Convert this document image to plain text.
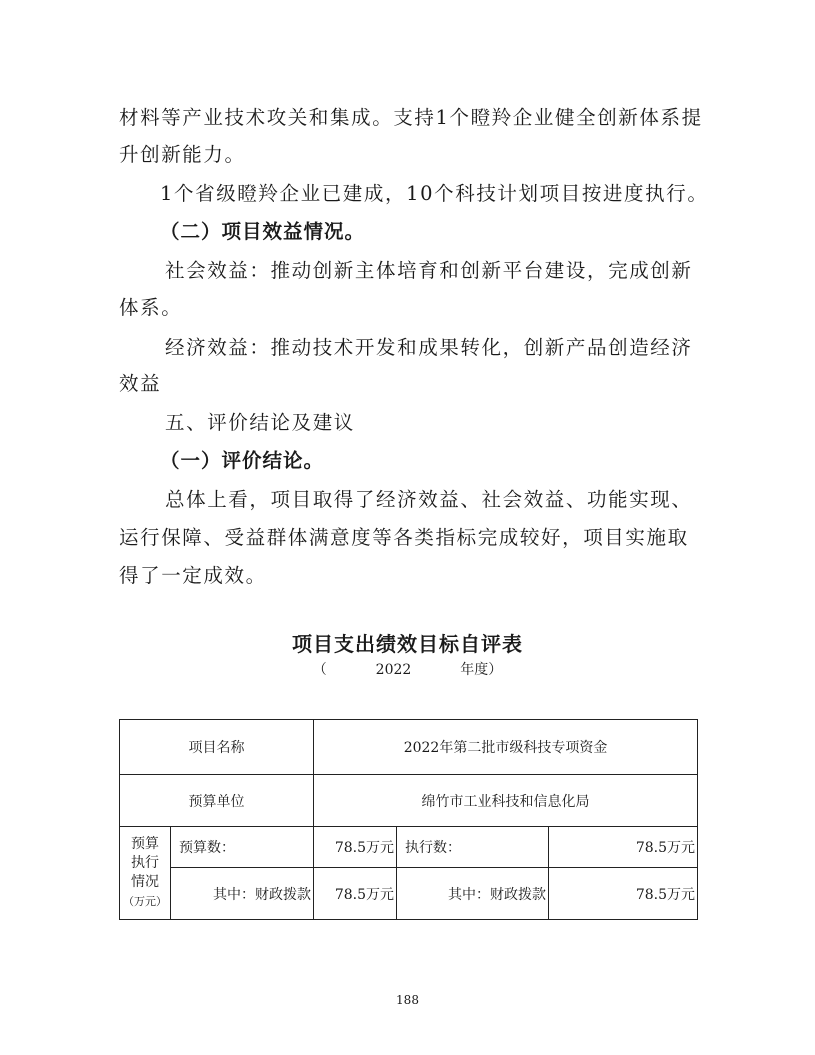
材料等产业技术攻关和集成。支持1个瞪羚企业健全创新体系提
升创新能力。
1个省级瞪羚企业已建成，10个科技计划项目按进度执行。
（二）项目效益情况。
社会效益：推动创新主体培育和创新平台建设，完成创新
体系。
经济效益：推动技术开发和成果转化，创新产品创造经济
效益
五、评价结论及建议
（一）评价结论。
总体上看，项目取得了经济效益、社会效益、功能实现、
运行保障、受益群体满意度等各类指标完成较好，项目实施取
得了一定成效。
项目支出绩效目标自评表
（	2022	年度）
项目名称		2022年第二批市级科技专项资金		
预算单位		绵竹市工业科技和信息化局		
预算
执行
情况
（万元）	预算数：	78.5万元	执行数：	78.5万元
	其中：财政拨款	78.5万元	其中：财政拨款	78.5万元
188
